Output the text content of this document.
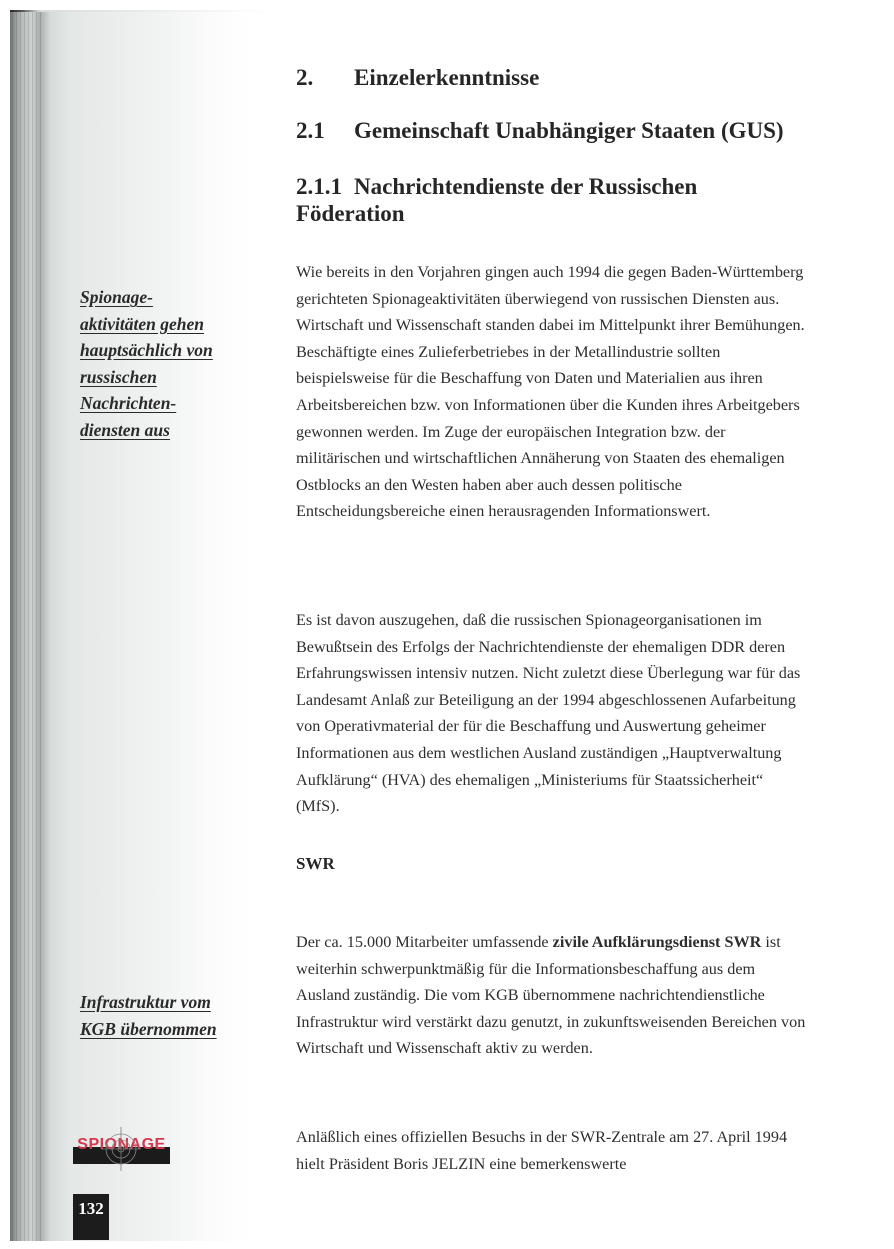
2. Einzelerkenntnisse
2.1 Gemeinschaft Unabhängiger Staaten (GUS)
2.1.1 Nachrichtendienste der Russischen Föderation
Spionage-
aktivitäten gehen
hauptsächlich von
russischen
Nachrichten-
diensten aus

Wie bereits in den Vorjahren gingen auch 1994 die gegen Baden-Württemberg gerichteten Spionageaktivitäten überwiegend von russischen Diensten aus. Wirtschaft und Wissenschaft standen dabei im Mittelpunkt ihrer Bemühungen. Beschäftigte eines Zulieferbetriebes in der Metallindustrie sollten beispielsweise für die Beschaffung von Daten und Materialien aus ihren Arbeitsbereichen bzw. von Informationen über die Kunden ihres Arbeitgebers gewonnen werden. Im Zuge der europäischen Integration bzw. der militärischen und wirtschaftlichen Annäherung von Staaten des ehemaligen Ostblocks an den Westen haben aber auch dessen politische Entscheidungsbereiche einen herausragenden Informationswert.

Es ist davon auszugehen, daß die russischen Spionageorganisationen im Bewußtsein des Erfolgs der Nachrichtendienste der ehemaligen DDR deren Erfahrungswissen intensiv nutzen. Nicht zuletzt diese Überlegung war für das Landesamt Anlaß zur Beteiligung an der 1994 abgeschlossenen Aufarbeitung von Operativmaterial der für die Beschaffung und Auswertung geheimer Informationen aus dem westlichen Ausland zuständigen „Hauptverwaltung Aufklärung“ (HVA) des ehemaligen „Ministeriums für Staatssicherheit“ (MfS).

SWR
Infrastruktur vom
KGB übernommen

Der ca. 15.000 Mitarbeiter umfassende zivile Aufklärungsdienst SWR ist weiterhin schwerpunktmäßig für die Informationsbeschaffung aus dem Ausland zuständig. Die vom KGB übernommene nachrichtendienstliche Infrastruktur wird verstärkt dazu genutzt, in zukunftsweisenden Bereichen von Wirtschaft und Wissenschaft aktiv zu werden.

Anläßlich eines offiziellen Besuchs in der SWR-Zentrale am 27. April 1994 hielt Präsident Boris JELZIN eine bemerkenswerte

SPIONAGE
132
